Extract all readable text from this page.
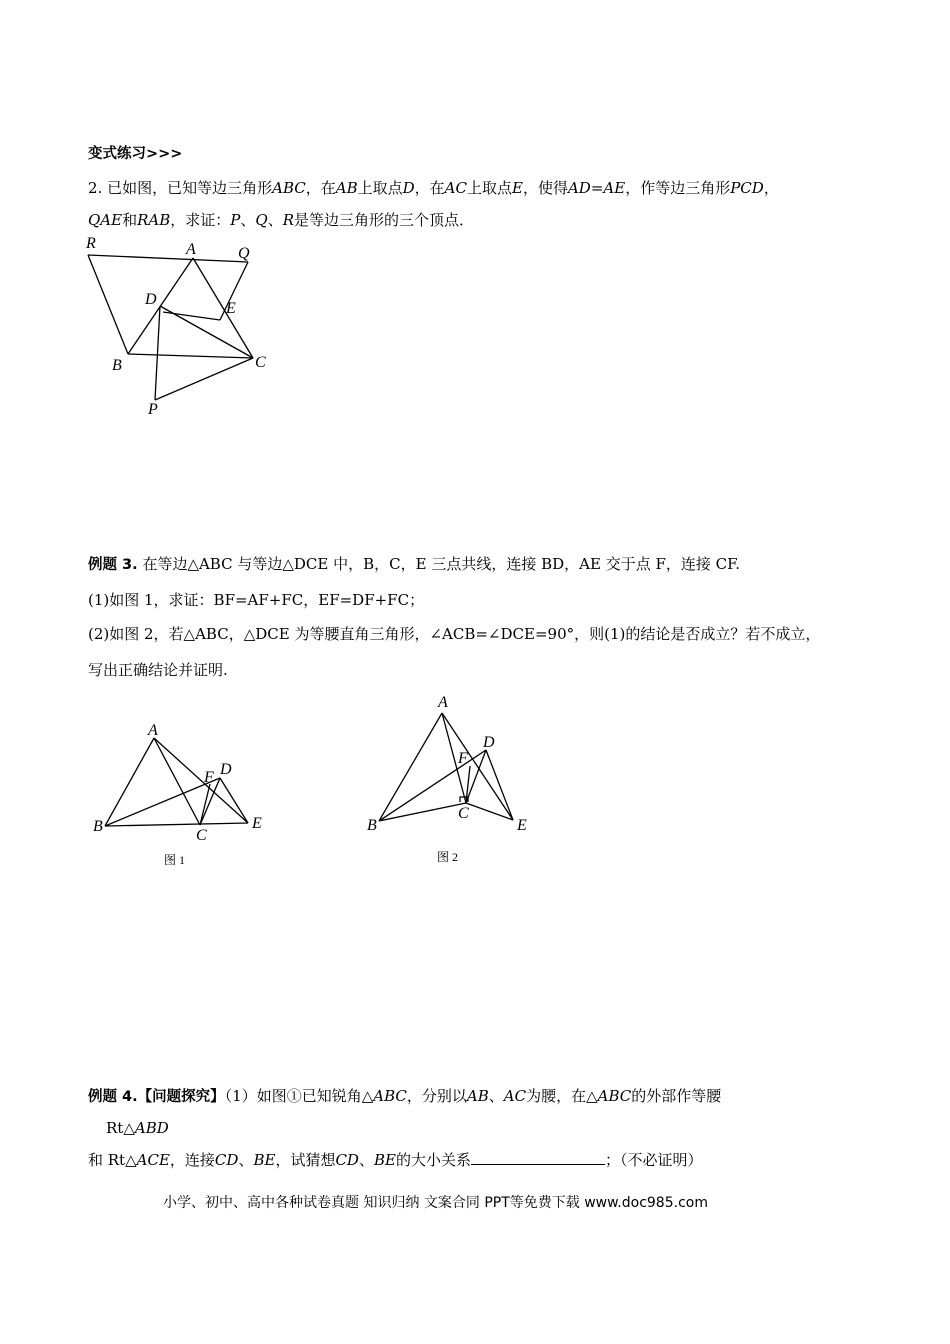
变式练习>>>
2. 已如图，已知等边三角形ABC，在AB上取点D，在AC上取点E，使得AD=AE，作等边三角形PCD，
QAE和RAB，求证：P、Q、R是等边三角形的三个顶点．
R	A	Q
D
E
B	C
P
例题 3. 在等边△ABC 与等边△DCE 中，B，C，E 三点共线，连接 BD，AE 交于点 F，连接 CF.
(1)如图 1，求证：BF=AF+FC，EF=DF+FC；
(2)如图 2，若△ABC，△DCE 为等腰直角三角形，∠ACB=∠DCE=90°，则(1)的结论是否成立？若不成立，
写出正确结论并证明.
A
F D
B
C
E
图 1
A
D
F
C
B	E
图 2
例题 4.【问题探究】（1）如图①已知锐角△ABC，分别以AB、AC为腰，在△ABC的外部作等腰
Rt△ABD
和 Rt△ACE，连接CD、BE，试猜想CD、BE的大小关系	；（不必证明）
小学、初中、高中各种试卷真题 知识归纳 文案合同 PPT等免费下载 www.doc985.com
